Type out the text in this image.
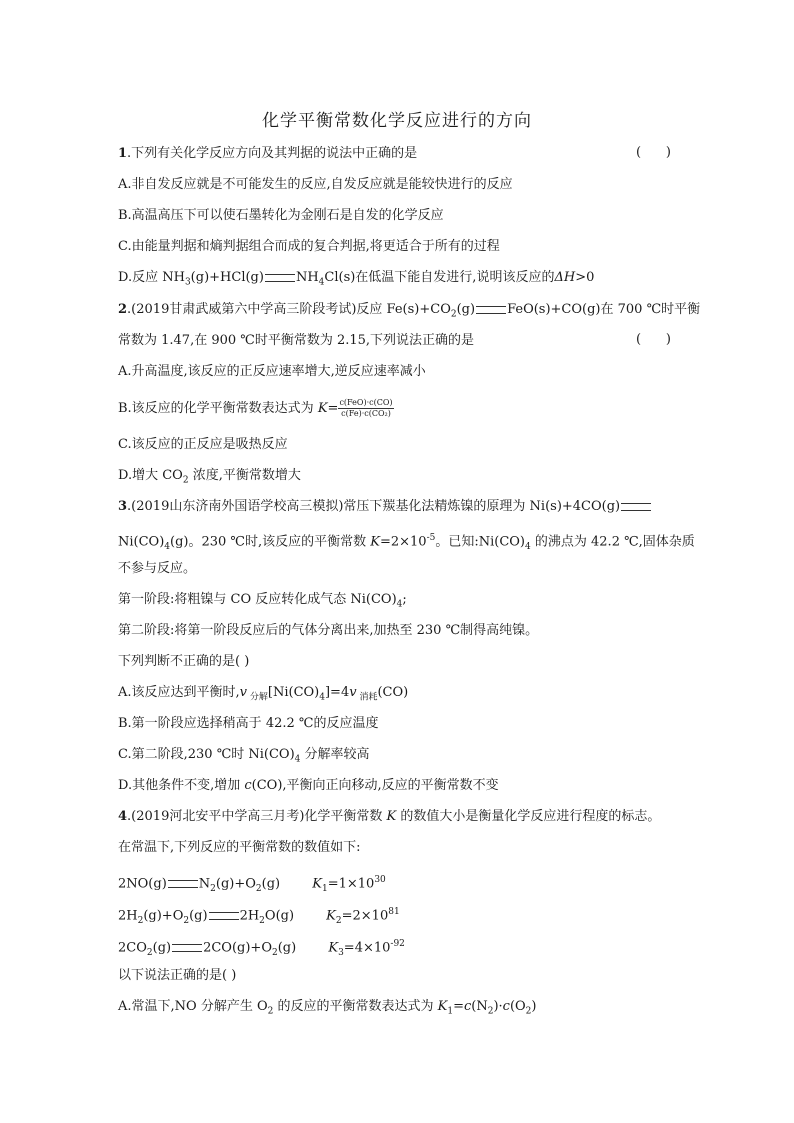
化学平衡常数化学反应进行的方向
1.下列有关化学反应方向及其判据的说法中正确的是	(      )
A.非自发反应就是不可能发生的反应,自发反应就是能较快进行的反应
B.高温高压下可以使石墨转化为金刚石是自发的化学反应
C.由能量判据和熵判据组合而成的复合判据,将更适合于所有的过程
D.反应 $NH_3(g)+HCl(g)$ $NH_4Cl(s)$在低温下能自发进行,说明该反应的ΔH>0
2.(2019甘肃武威第六中学高三阶段考试)反应 $Fe(s)+CO_2(g)$ FeO(s)+CO(g)在 700 ℃时平衡
常数为 1.47,在 900 ℃时平衡常数为 2.15,下列说法正确的是	(      )
A.升高温度,该反应的正反应速率增大,逆反应速率减小
B.该反应的化学平衡常数表达式为 $K= \frac{\text{c(FeO)·c(CO)}}{\text{c(Fe)·c(CO₂)}}$
C.该反应的正反应是吸热反应
D.增大 $CO_2$ 浓度,平衡常数增大
3.(2019山东济南外国语学校高三模拟)常压下羰基化法精炼镍的原理为 Ni(s)+4CO(g)
$Ni(CO)_4(g)$。230 ℃时,该反应的平衡常数 $K=2\times 10^{-5}$。已知$:Ni(CO)_4$ 的沸点为 42.2 ℃,固体杂质
不参与反应。
第一阶段:将粗镍与 CO 反应转化成气态 $Ni(CO)_4$;
第二阶段:将第一阶段反应后的气体分离出来,加热至 230 ℃制得高纯镍。
下列判断不正确的是( )
A.该反应达到平衡时,v $_{分解}[Ni(CO)_4]=4v$ $_{消耗}$(CO)
B.第一阶段应选择稍高于 42.2 ℃的反应温度
C.第二阶段,230 ℃时 $Ni(CO)_4$ 分解率较高
D.其他条件不变,增加 c(CO),平衡向正向移动,反应的平衡常数不变
4.(2019河北安平中学高三月考)化学平衡常数 K 的数值大小是衡量化学反应进行程度的标志。
在常温下,下列反应的平衡常数的数值如下:
2NO(g) $N_2(g)+O_2(g)$ $K_1=1\times 10^{30}$
$2H_2(g)+O_2(g)$ $2H_2O(g)$ $K_2=2\times 10^{81}$
$2CO_2(g)$ $2CO(g)+O_2(g)$ $K_3=4\times 10^{-92}$
以下说法正确的是( )
A.常温下,NO 分解产生 $O_2$ 的反应的平衡常数表达式为 $K_1=c(N_2)\cdot c(O_2)$
